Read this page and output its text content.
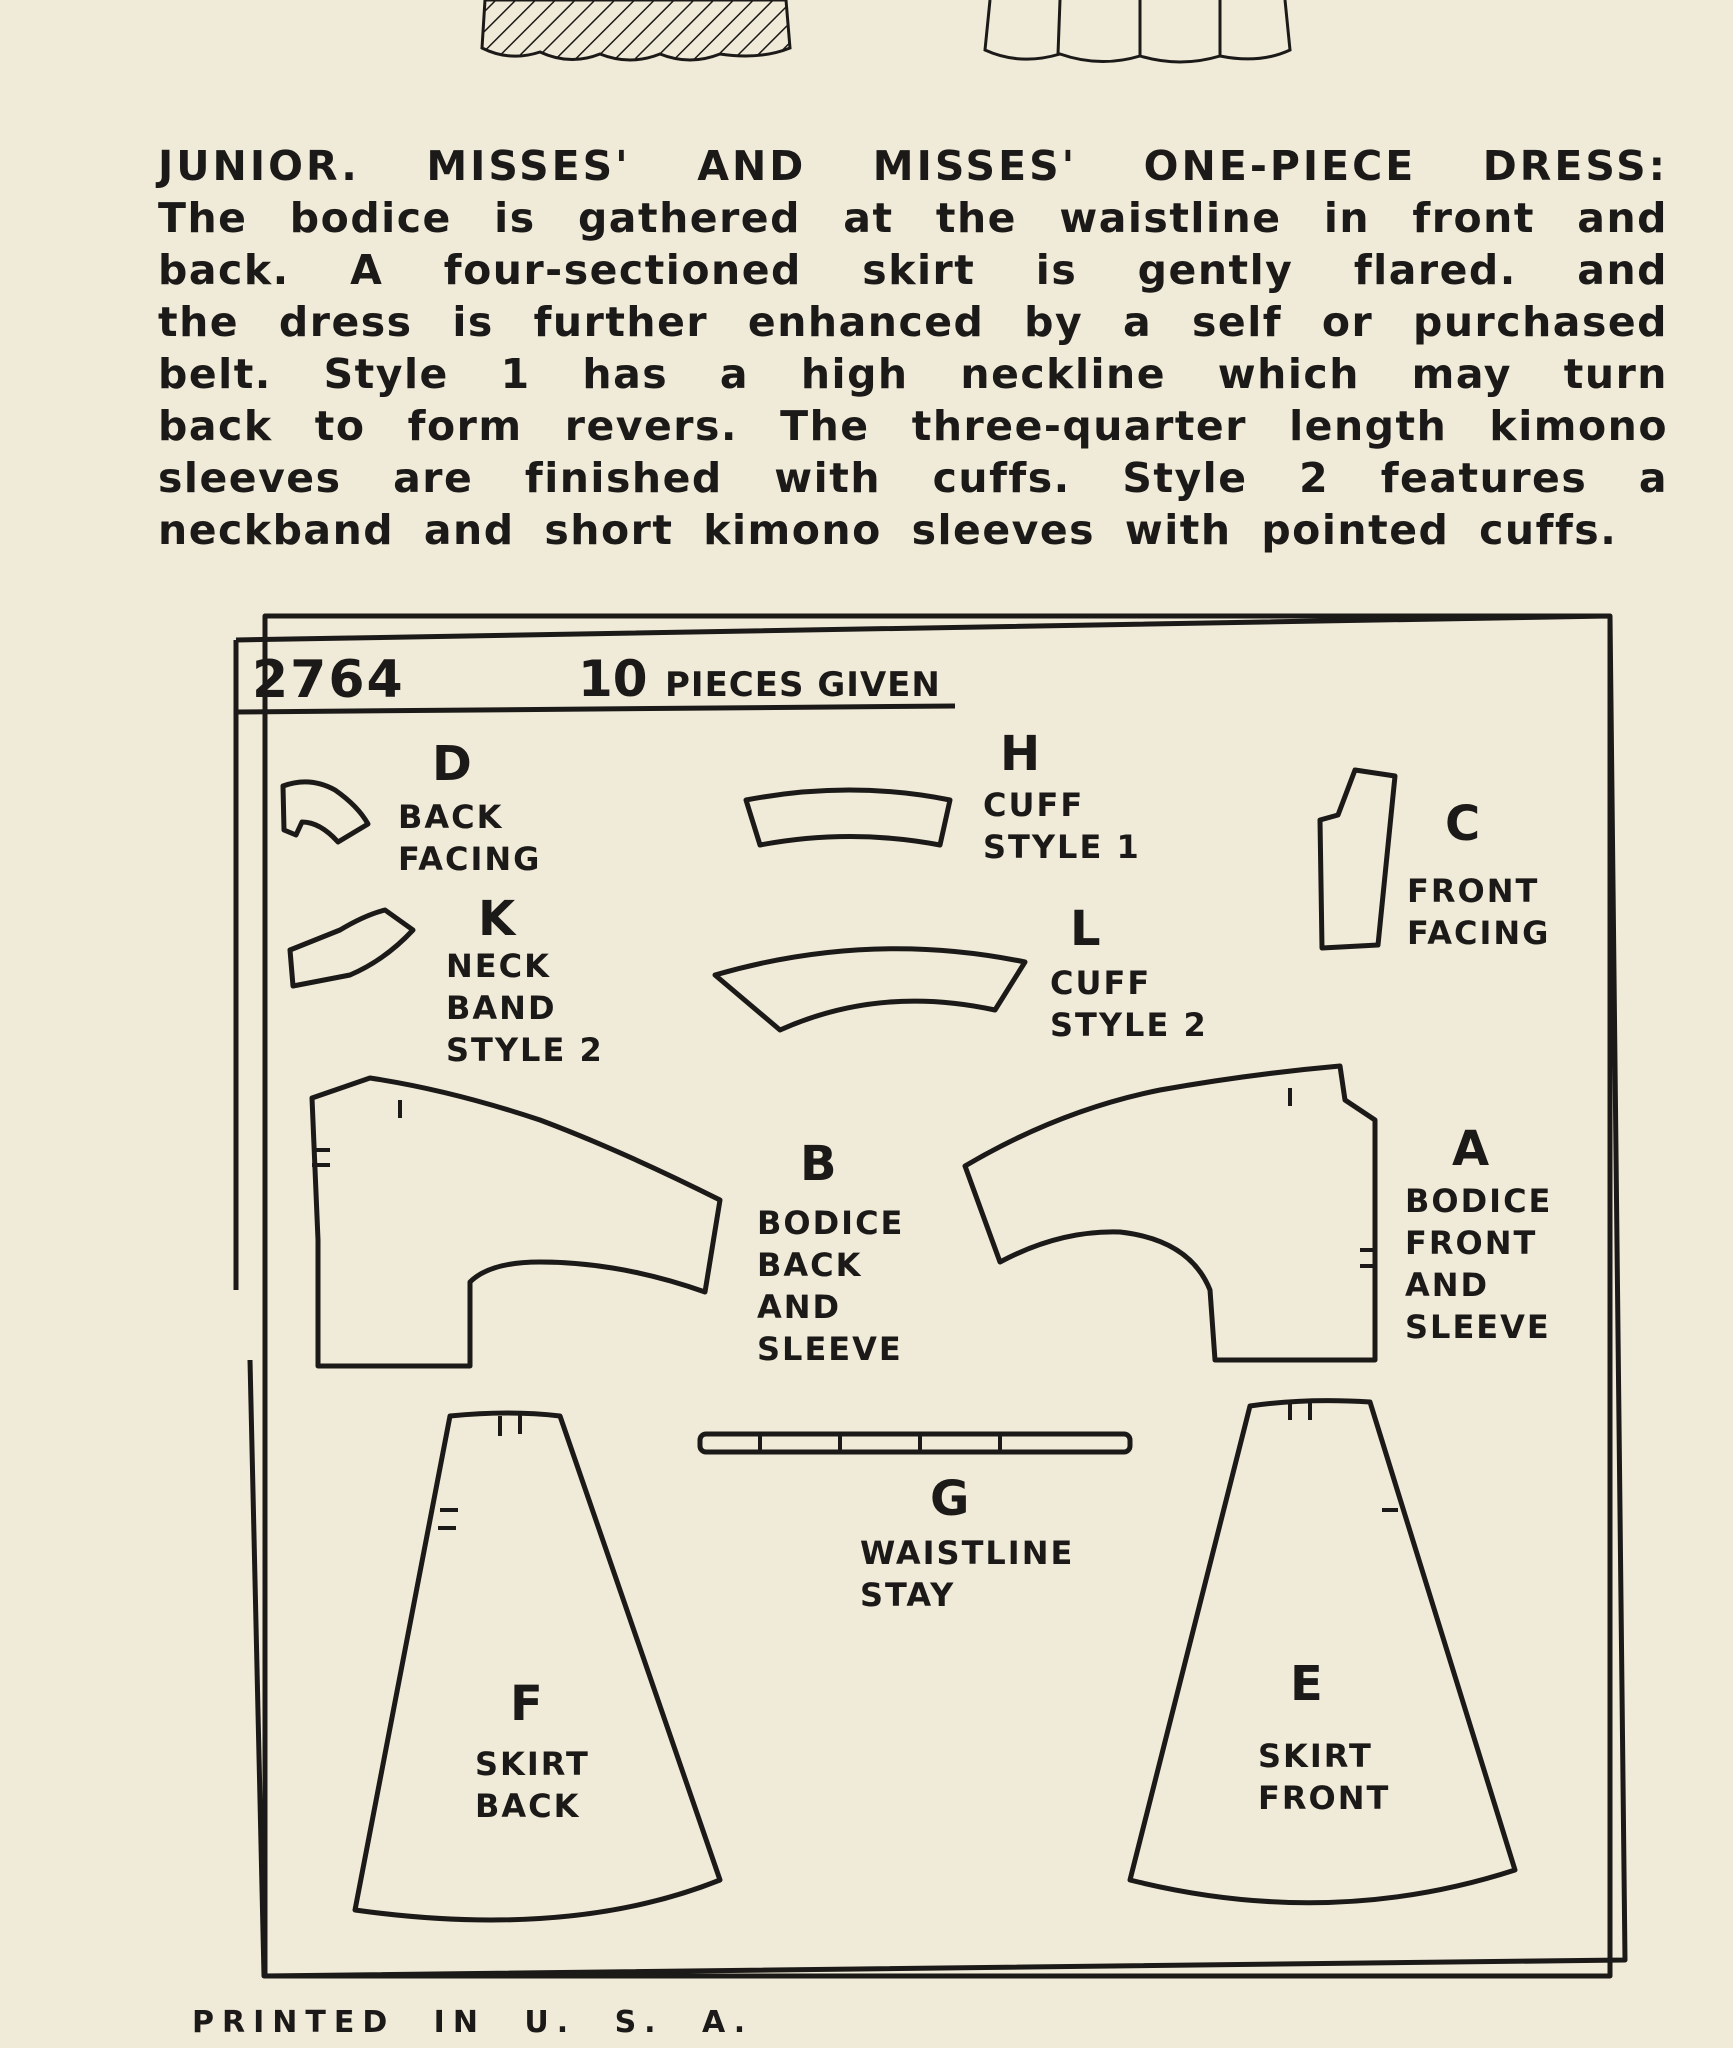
JUNIOR. MISSES' AND MISSES' ONE-PIECE DRESS:
The bodice is gathered at the waistline in front and
back. A four-sectioned skirt is gently flared. and
the dress is further enhanced by a self or purchased
belt. Style 1 has a high neckline which may turn
back to form revers. The three-quarter length kimono
sleeves are finished with cuffs. Style 2 features a
neckband and short kimono sleeves with pointed cuffs.
2764	10 PIECES GIVEN
D
BACK
FACING
H
CUFF
STYLE 1	C
FRONT
FACING
K
NECK
BAND
STYLE 2
L
CUFF
STYLE 2
B
BODICE
BACK
AND
SLEEVE
A
BODICE
FRONT
AND
SLEEVE
G
WAISTLINE
STAY
F
SKIRT
BACK
E
SKIRT
FRONT
PRINTED IN U. S. A.
